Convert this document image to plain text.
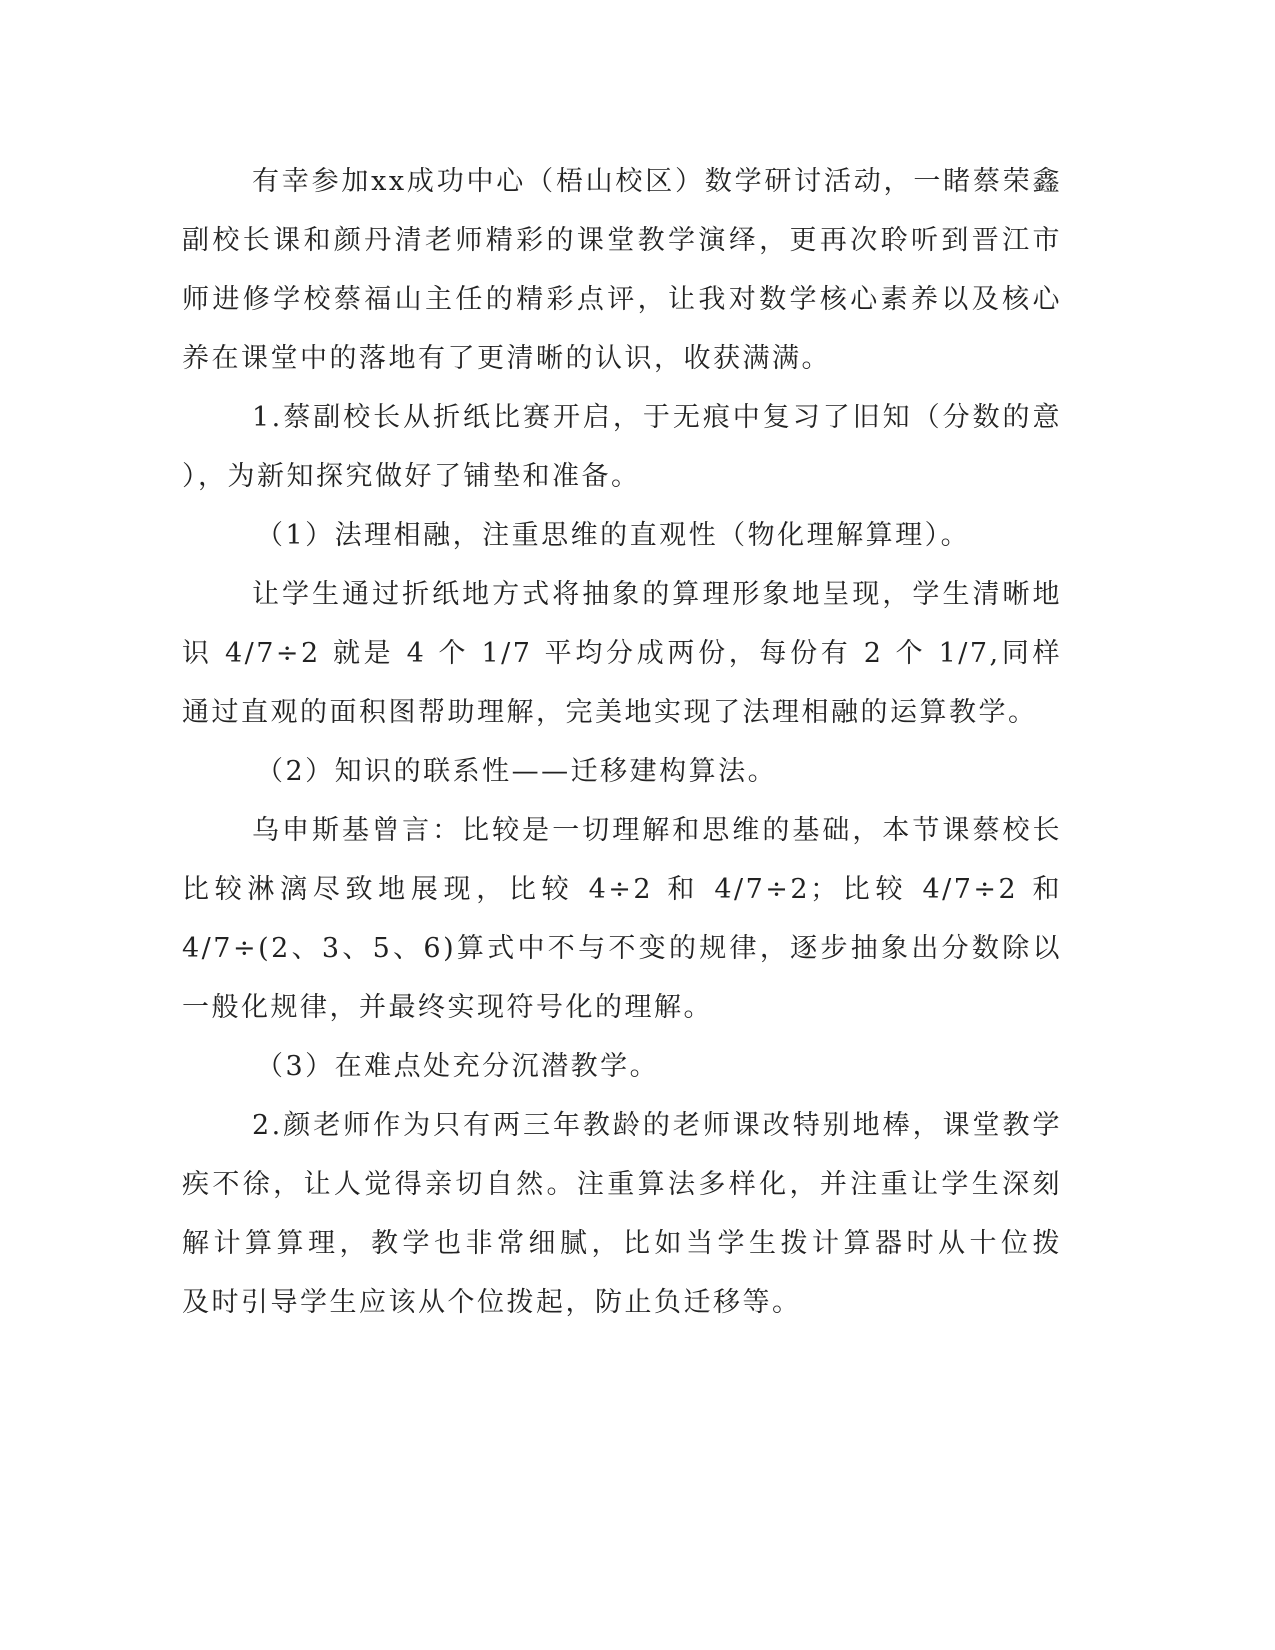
有幸参加xx成功中心（梧山校区）数学研讨活动，一睹蔡荣鑫
副校长课和颜丹清老师精彩的课堂教学演绎，更再次聆听到晋江市
师进修学校蔡福山主任的精彩点评，让我对数学核心素养以及核心
养在课堂中的落地有了更清晰的认识，收获满满。
1.蔡副校长从折纸比赛开启，于无痕中复习了旧知（分数的意
），为新知探究做好了铺垫和准备。
（1）法理相融，注重思维的直观性（物化理解算理）。
让学生通过折纸地方式将抽象的算理形象地呈现，学生清晰地
识 4/7÷2 就是 4 个 1/7 平均分成两份，每份有 2 个 1/7,同样
通过直观的面积图帮助理解，完美地实现了法理相融的运算教学。
（2）知识的联系性——迁移建构算法。
乌申斯基曾言：比较是一切理解和思维的基础，本节课蔡校长
比较淋漓尽致地展现，比较 4÷2 和 4/7÷2；比较 4/7÷2 和
4/7÷(2、3、5、6)算式中不与不变的规律，逐步抽象出分数除以
一般化规律，并最终实现符号化的理解。
（3）在难点处充分沉潜教学。
2.颜老师作为只有两三年教龄的老师课改特别地棒，课堂教学
疾不徐，让人觉得亲切自然。注重算法多样化，并注重让学生深刻
解计算算理，教学也非常细腻，比如当学生拨计算器时从十位拨
及时引导学生应该从个位拨起，防止负迁移等。
